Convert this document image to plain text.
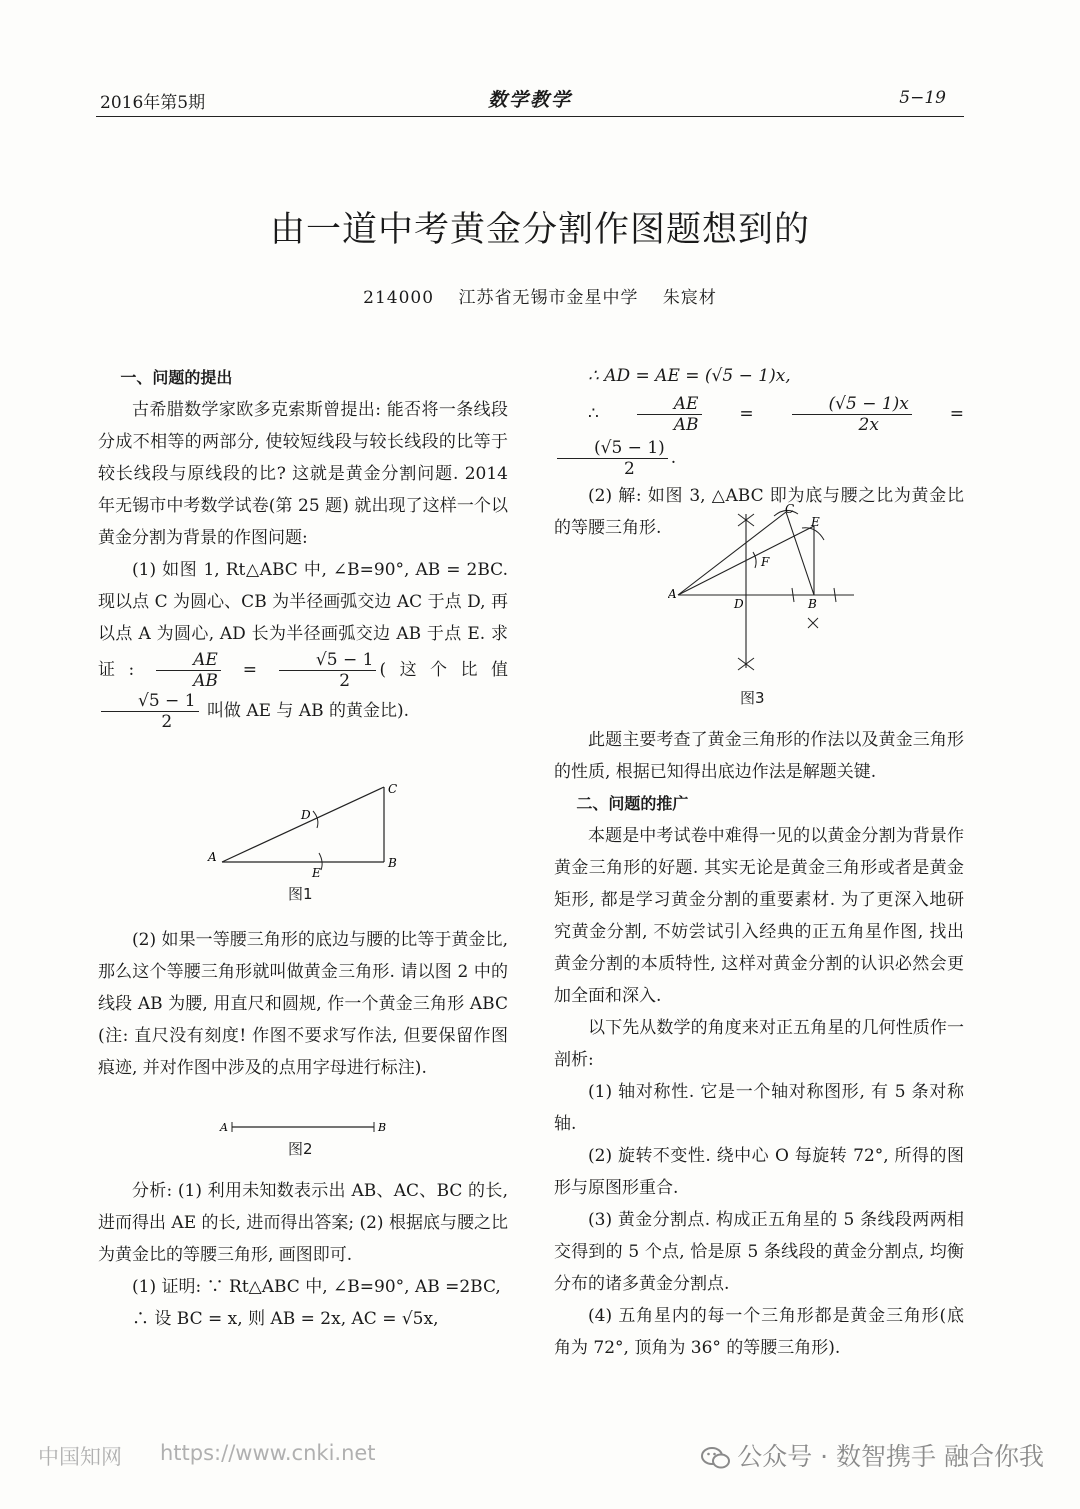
2016年第5期	数学教学	5−19
由一道中考黄金分割作图题想到的
214000 江苏省无锡市金星中学 朱宸材

一、问题的提出

古希腊数学家欧多克索斯曾提出: 能否将一条线段分成不相等的两部分, 使较短线段与较长线段的比等于较长线段与原线段的比? 这就是黄金分割问题. 2014 年无锡市中考数学试卷(第 25 题) 就出现了这样一个以黄金分割为背景的作图问题:

(1) 如图 1, Rt△ABC 中, ∠B=90°, AB = 2BC. 现以点 C 为圆心、CB 为半径画弧交边 AC 于点 D, 再以点 A 为圆心, AD 长为半径画弧交边 AB 于点 E. 求证: $\frac{AE}{AB} = \frac{√5 - 1}{2}$ (这个比值
$\frac{√5 - 1}{2}$ 叫做 AE 与 AB 的黄金比).

A	B
C
D
E
图1

(2) 如果一等腰三角形的底边与腰的比等于黄金比, 那么这个等腰三角形就叫做黄金三角形. 请以图 2 中的线段 AB 为腰, 用直尺和圆规, 作一个黄金三角形 ABC (注: 直尺没有刻度! 作图不要求写作法, 但要保留作图痕迹, 并对作图中涉及的点用字母进行标注).

A	B
图2

分析: (1) 利用未知数表示出 AB、AC、BC 的长, 进而得出 AE 的长, 进而得出答案; (2) 根据底与腰之比为黄金比的等腰三角形, 画图即可.

(1) 证明: ∵ Rt△ABC 中, ∠B=90°, AB =2BC,

∴ 设 BC = x, 则 AB = 2x, AC = √5x,

∴ AD = AE = (√5 − 1)x,

∴ $\frac{AE}{AB} = \frac{(√5 - 1)x}{2x}$ =
$\frac{(√5 - 1)}{2}$ .

(2) 解: 如图 3, △ABC 即为底与腰之比为黄金比的等腰三角形.

A
B
C
D
E
F
图3

此题主要考查了黄金三角形的作法以及黄金三角形的性质, 根据已知得出底边作法是解题关键.

二、问题的推广

本题是中考试卷中难得一见的以黄金分割为背景作黄金三角形的好题. 其实无论是黄金三角形或者是黄金矩形, 都是学习黄金分割的重要素材. 为了更深入地研究黄金分割, 不妨尝试引入经典的正五角星作图, 找出黄金分割的本质特性, 这样对黄金分割的认识必然会更加全面和深入.

以下先从数学的角度来对正五角星的几何性质作一剖析:

(1) 轴对称性. 它是一个轴对称图形, 有 5 条对称轴.

(2) 旋转不变性. 绕中心 O 每旋转 72°, 所得的图形与原图形重合.

(3) 黄金分割点. 构成正五角星的 5 条线段两两相交得到的 5 个点, 恰是原 5 条线段的黄金分割点, 均衡分布的诸多黄金分割点.

(4) 五角星内的每一个三角形都是黄金三角形(底角为 72°, 顶角为 36° 的等腰三角形).

中国知网 https://www.cnki.net	公众号 · 数智携手 融合你我
